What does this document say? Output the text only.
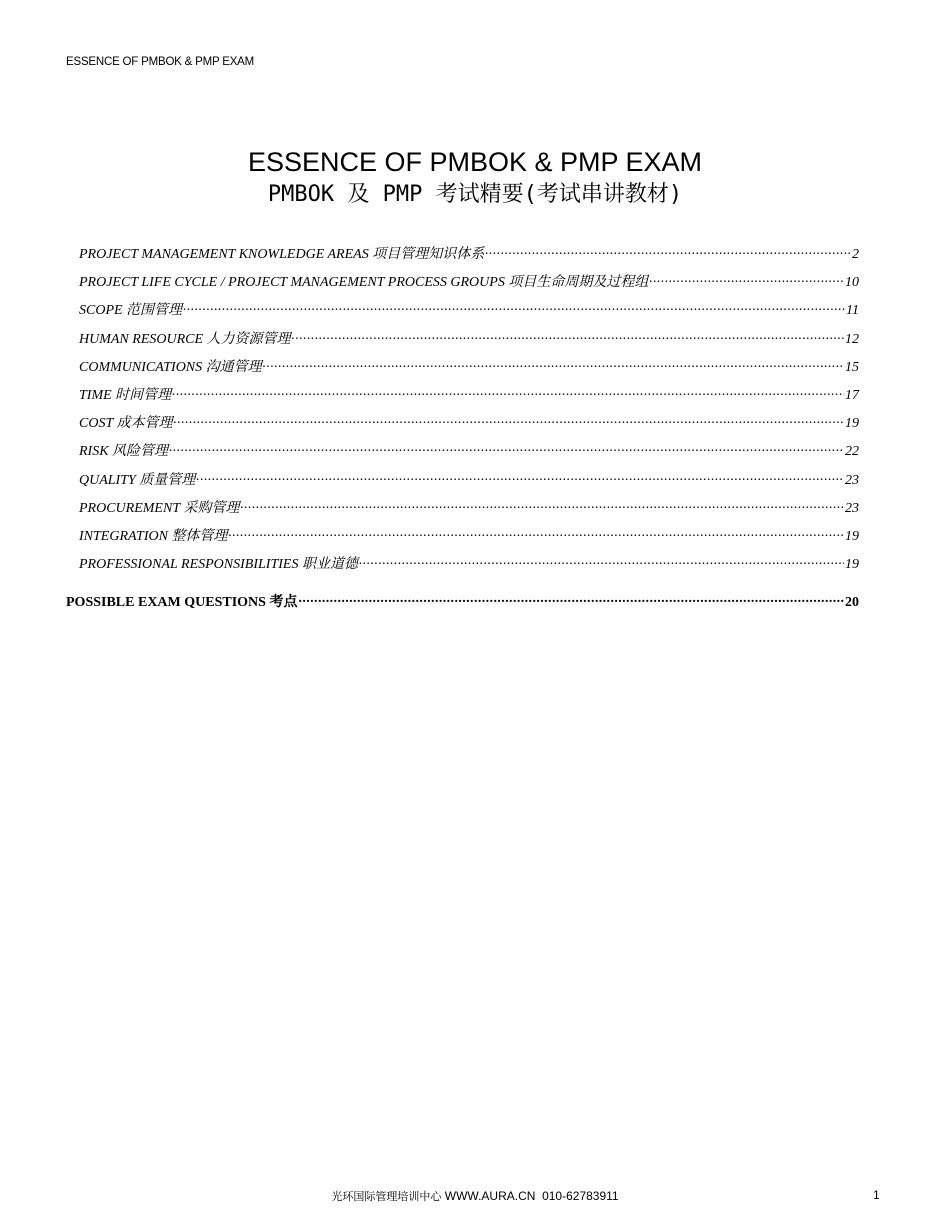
ESSENCE OF PMBOK & PMP EXAM
ESSENCE OF PMBOK & PMP EXAM
PMBOK 及 PMP 考试精要(考试串讲教材)
PROJECT MANAGEMENT KNOWLEDGE AREAS 项目管理知识体系 .....	2
PROJECT LIFE CYCLE / PROJECT MANAGEMENT PROCESS GROUPS 项目生命周期及过程组 .....	10
SCOPE 范围管理 .....	11
HUMAN RESOURCE 人力资源管理 .....	12
COMMUNICATIONS 沟通管理 .....	15
TIME 时间管理 .....	17
COST 成本管理 .....	19
RISK 风险管理 .....	22
QUALITY 质量管理 .....	23
PROCUREMENT 采购管理 .....	23
INTEGRATION 整体管理 .....	19
PROFESSIONAL RESPONSIBILITIES 职业道德 .....	19
POSSIBLE EXAM QUESTIONS 考点 .....	20
光环国际管理培训中心 WWW.AURA.CN  010-62783911	1
